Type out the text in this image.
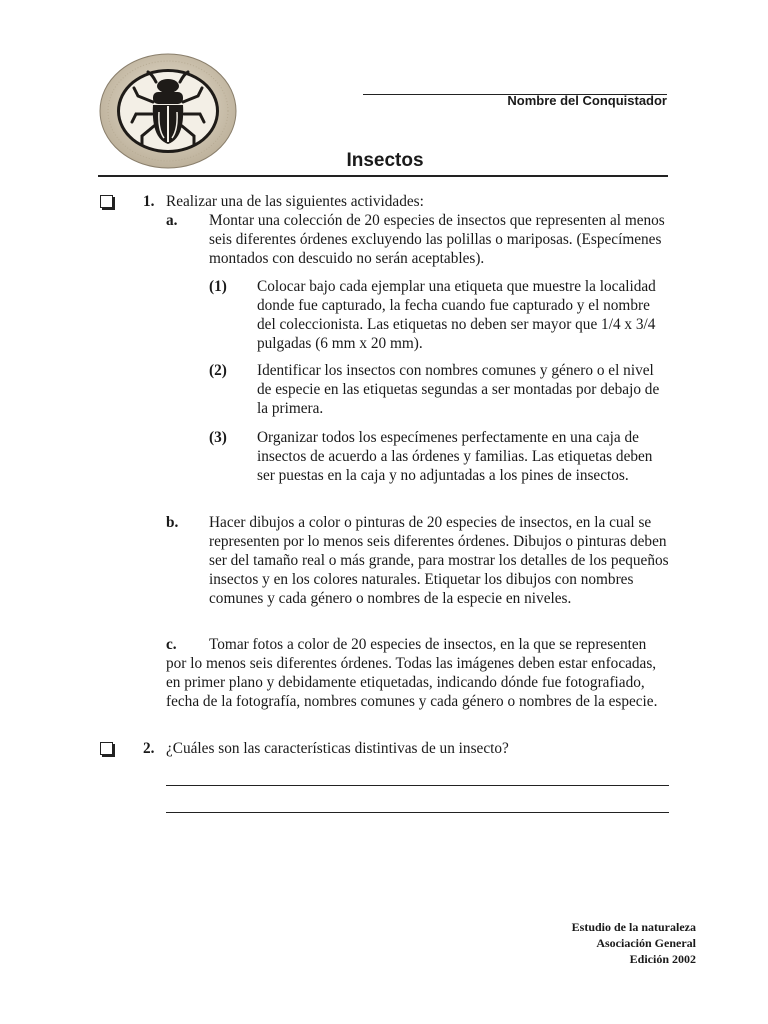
Nombre del Conquistador
Insectos
1. Realizar una de las siguientes actividades:
a. Montar una colección de 20 especies de insectos que representen al menos seis diferentes órdenes excluyendo las polillas o mariposas. (Especímenes montados con descuido no serán aceptables).
(1) Colocar bajo cada ejemplar una etiqueta que muestre la localidad donde fue capturado, la fecha cuando fue capturado y el nombre del coleccionista. Las etiquetas no deben ser mayor que 1/4 x 3/4 pulgadas (6 mm x 20 mm).
(2) Identificar los insectos con nombres comunes y género o el nivel de especie en las etiquetas segundas a ser montadas por debajo de la primera.
(3) Organizar todos los especímenes perfectamente en una caja de insectos de acuerdo a las órdenes y familias. Las etiquetas deben ser puestas en la caja y no adjuntadas a los pines de insectos.
b. Hacer dibujos a color o pinturas de 20 especies de insectos, en la cual se representen por lo menos seis diferentes órdenes. Dibujos o pinturas deben ser del tamaño real o más grande, para mostrar los detalles de los pequeños insectos y en los colores naturales. Etiquetar los dibujos con nombres comunes y cada género o nombres de la especie en niveles.
c. Tomar fotos a color de 20 especies de insectos, en la que se representen por lo menos seis diferentes órdenes. Todas las imágenes deben estar enfocadas, en primer plano y debidamente etiquetadas, indicando dónde fue fotografiado, fecha de la fotografía, nombres comunes y cada género o nombres de la especie.
2. ¿Cuáles son las características distintivas de un insecto?
Estudio de la naturaleza
Asociación General
Edición 2002
